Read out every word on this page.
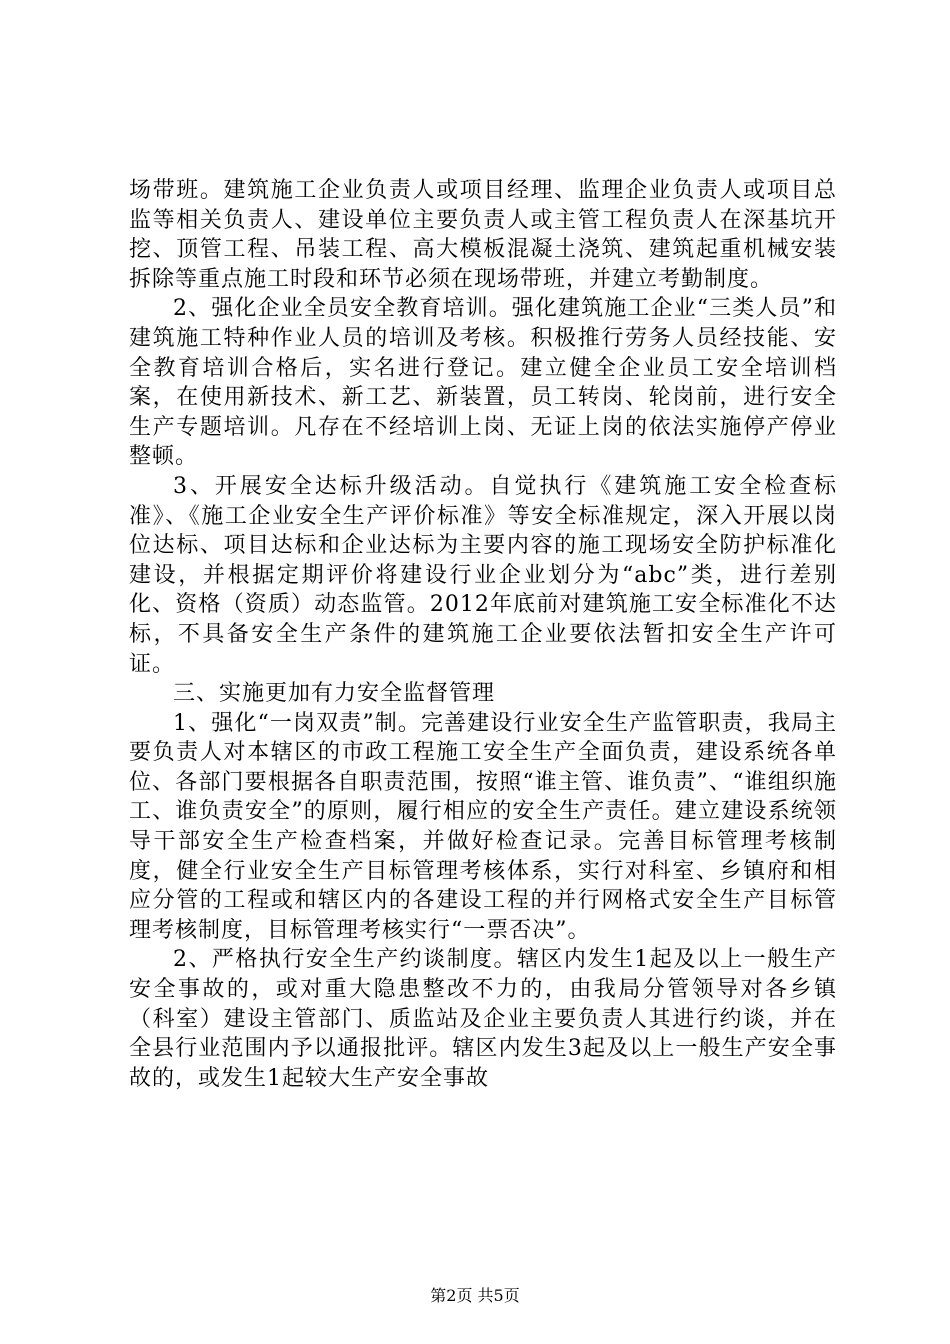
场带班。建筑施工企业负责人或项目经理、监理企业负责人或项目总监等相关负责人、建设单位主要负责人或主管工程负责人在深基坑开挖、顶管工程、吊装工程、高大模板混凝土浇筑、建筑起重机械安装拆除等重点施工时段和环节必须在现场带班，并建立考勤制度。

2、强化企业全员安全教育培训。强化建筑施工企业“三类人员”和建筑施工特种作业人员的培训及考核。积极推行劳务人员经技能、安全教育培训合格后，实名进行登记。建立健全企业员工安全培训档案，在使用新技术、新工艺、新装置，员工转岗、轮岗前，进行安全生产专题培训。凡存在不经培训上岗、无证上岗的依法实施停产停业整顿。

3、开展安全达标升级活动。自觉执行《建筑施工安全检查标准》、《施工企业安全生产评价标准》等安全标准规定，深入开展以岗位达标、项目达标和企业达标为主要内容的施工现场安全防护标准化建设，并根据定期评价将建设行业企业划分为“abc”类，进行差别化、资格（资质）动态监管。2012年底前对建筑施工安全标准化不达标，不具备安全生产条件的建筑施工企业要依法暂扣安全生产许可证。

三、实施更加有力安全监督管理

1、强化“一岗双责”制。完善建设行业安全生产监管职责，我局主要负责人对本辖区的市政工程施工安全生产全面负责，建设系统各单位、各部门要根据各自职责范围，按照“谁主管、谁负责”、“谁组织施工、谁负责安全”的原则，履行相应的安全生产责任。建立建设系统领导干部安全生产检查档案，并做好检查记录。完善目标管理考核制度，健全行业安全生产目标管理考核体系，实行对科室、乡镇府和相应分管的工程或和辖区内的各建设工程的并行网格式安全生产目标管理考核制度，目标管理考核实行“一票否决”。

2、严格执行安全生产约谈制度。辖区内发生1起及以上一般生产安全事故的，或对重大隐患整改不力的，由我局分管领导对各乡镇（科室）建设主管部门、质监站及企业主要负责人其进行约谈，并在全县行业范围内予以通报批评。辖区内发生3起及以上一般生产安全事故的，或发生1起较大生产安全事故

第2页 共5页
